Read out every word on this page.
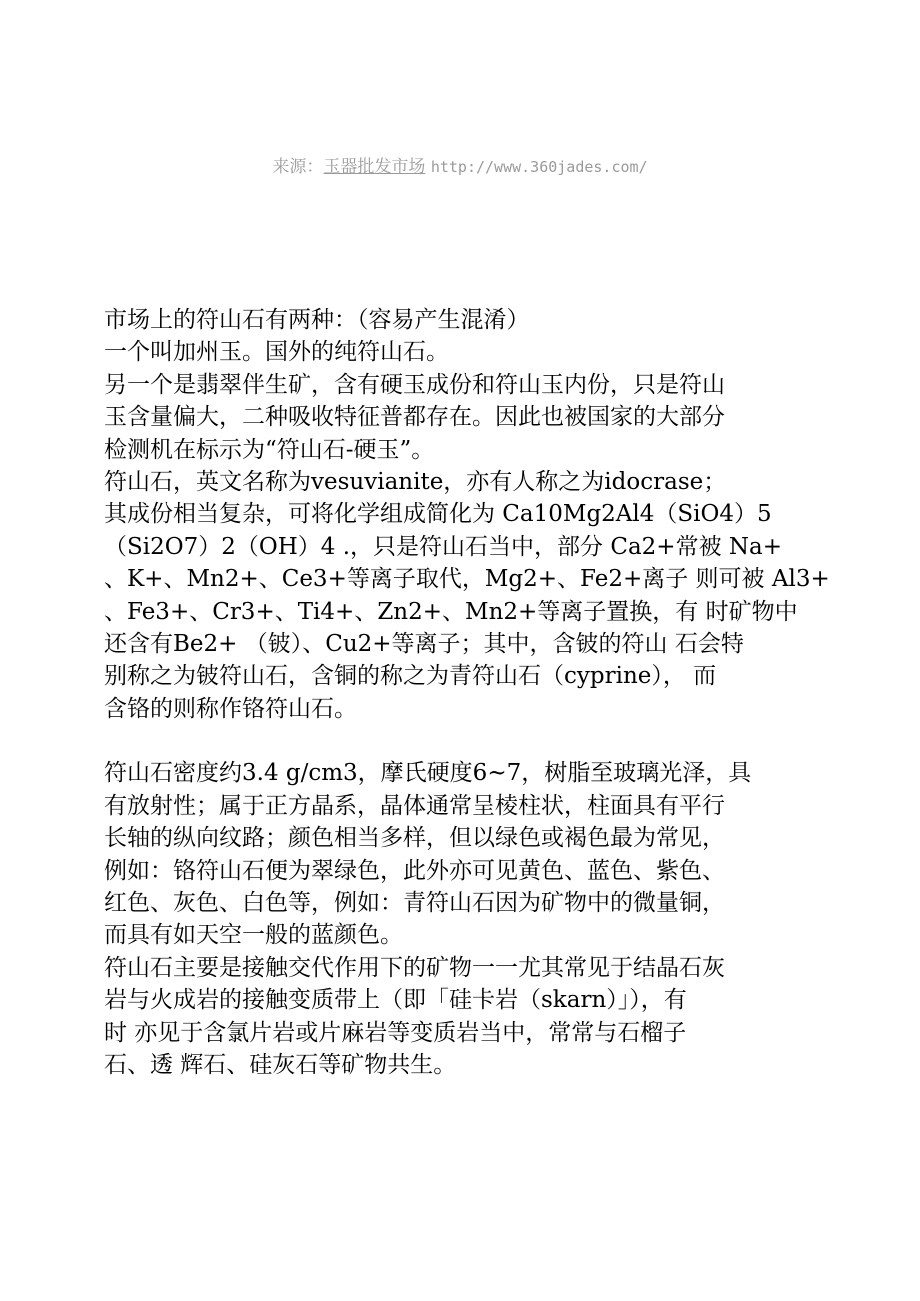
来源：玉器批发市场 http://www.360jades.com/
市场上的符山石有两种：（容易产生混淆）
一个叫加州玉。国外的纯符山石。
另一个是翡翠伴生矿，含有硬玉成份和符山玉内份，只是符山
玉含量偏大，二种吸收特征普都存在。因此也被国家的大部分
检测机在标示为“符山石-硬玉”。
符山石，英文名称为vesuvianite，亦有人称之为idocrase；
其成份相当复杂，可将化学组成简化为 Ca10Mg2Al4（SiO4）5
（Si2O7）2（OH）4 .，只是符山石当中，部分 Ca2+常被 Na+
、K+、Mn2+、Ce3+等离子取代，Mg2+、Fe2+离子 则可被 Al3+
、Fe3+、Cr3+、Ti4+、Zn2+、Mn2+等离子置换，有 时矿物中
还含有Be2+ （铍）、Cu2+等离子；其中，含铍的符山 石会特
别称之为铍符山石，含铜的称之为青符山石（cyprine）， 而
含铬的则称作铬符山石。
符山石密度约3.4 g/cm3，摩氏硬度6~7，树脂至玻璃光泽，具
有放射性；属于正方晶系，晶体通常呈棱柱状，柱面具有平行
长轴的纵向纹路；颜色相当多样，但以绿色或褐色最为常见，
例如：铬符山石便为翠绿色，此外亦可见黄色、蓝色、紫色、
红色、灰色、白色等，例如：青符山石因为矿物中的微量铜，
而具有如天空一般的蓝颜色。
符山石主要是接触交代作用下的矿物一一尤其常见于结晶石灰
岩与火成岩的接触变质带上（即「硅卡岩（skarn）」），有
时 亦见于含氯片岩或片麻岩等变质岩当中，常常与石榴子
石、透 辉石、硅灰石等矿物共生。
